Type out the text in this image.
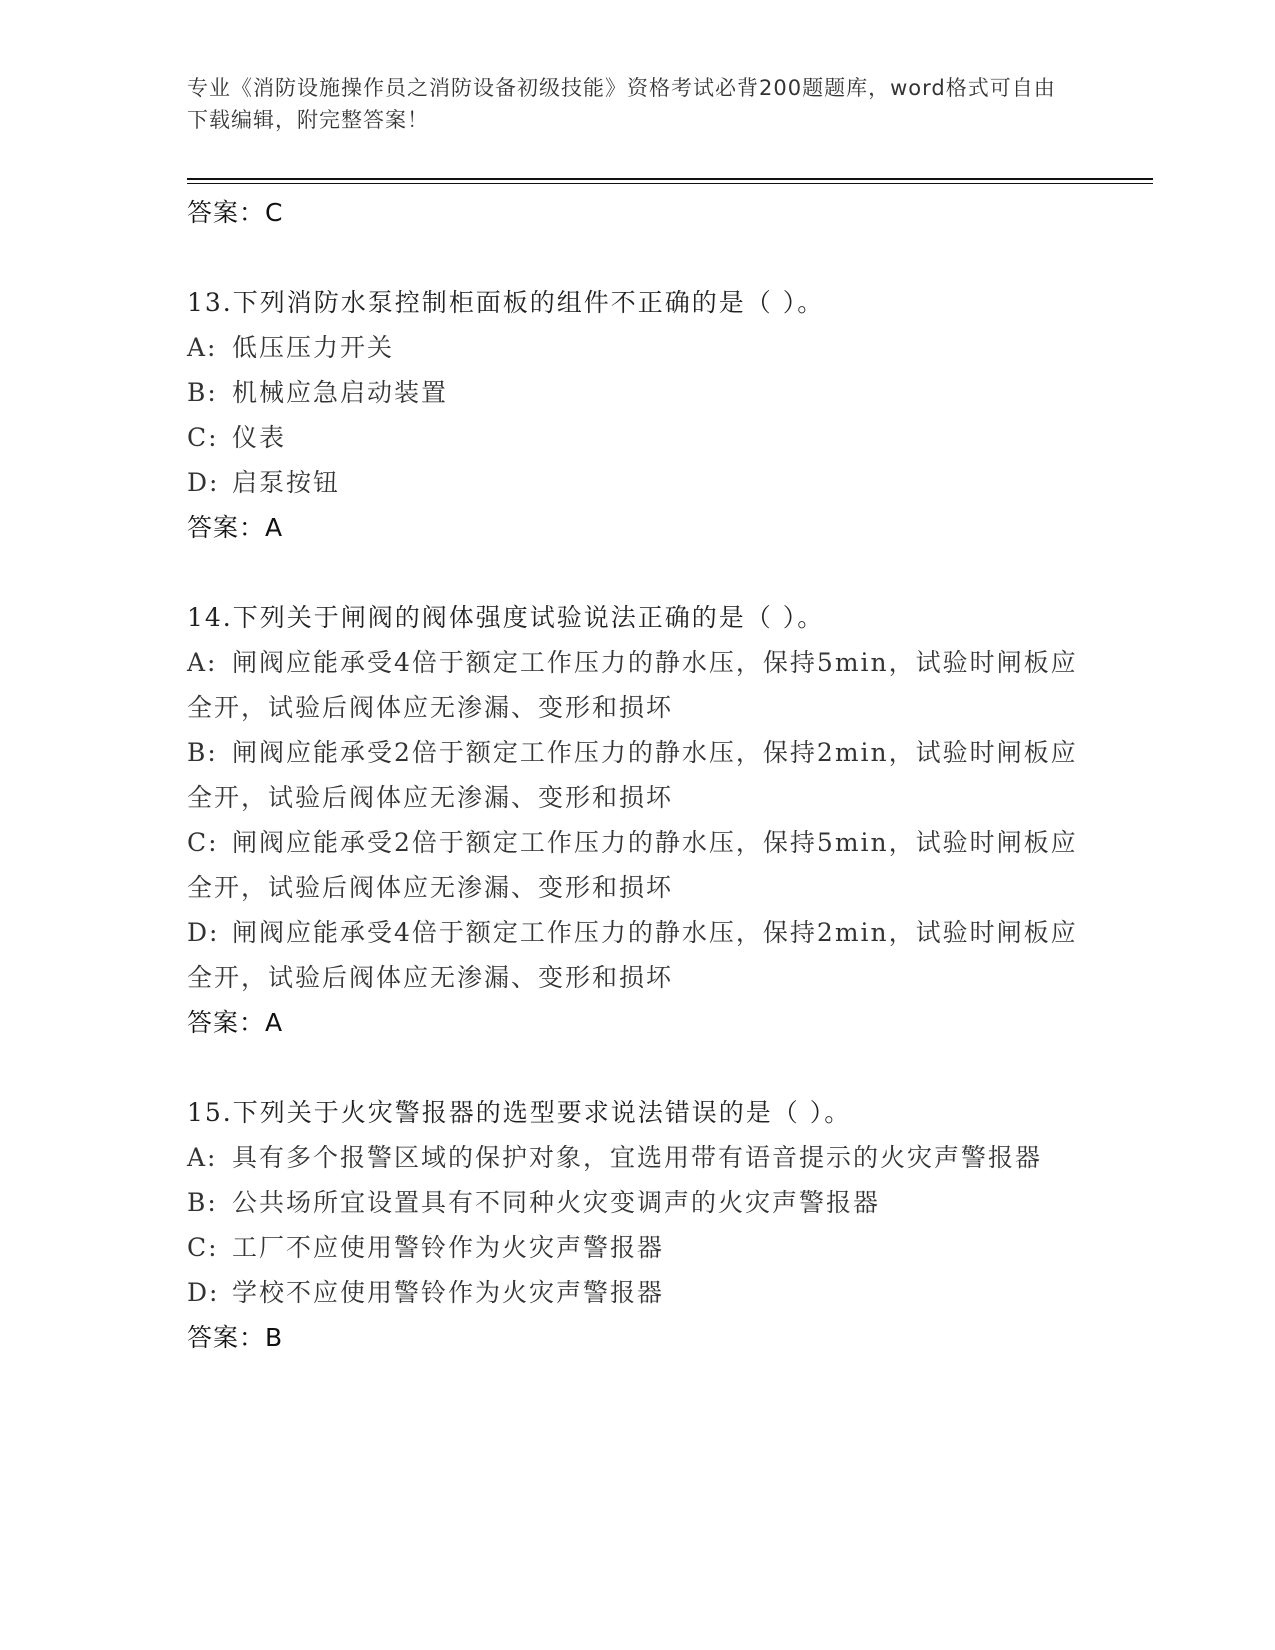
专业《消防设施操作员之消防设备初级技能》资格考试必背200题题库，word格式可自由下载编辑，附完整答案！
答案：C
13.下列消防水泵控制柜面板的组件不正确的是（ ）。
A: 低压压力开关
B: 机械应急启动装置
C: 仪表
D: 启泵按钮
答案：A
14.下列关于闸阀的阀体强度试验说法正确的是（ ）。
A: 闸阀应能承受4倍于额定工作压力的静水压，保持5min，试验时闸板应全开，试验后阀体应无渗漏、变形和损坏
B: 闸阀应能承受2倍于额定工作压力的静水压，保持2min，试验时闸板应全开，试验后阀体应无渗漏、变形和损坏
C: 闸阀应能承受2倍于额定工作压力的静水压，保持5min，试验时闸板应全开，试验后阀体应无渗漏、变形和损坏
D: 闸阀应能承受4倍于额定工作压力的静水压，保持2min，试验时闸板应全开，试验后阀体应无渗漏、变形和损坏
答案：A
15.下列关于火灾警报器的选型要求说法错误的是（ ）。
A: 具有多个报警区域的保护对象，宜选用带有语音提示的火灾声警报器
B: 公共场所宜设置具有不同种火灾变调声的火灾声警报器
C: 工厂不应使用警铃作为火灾声警报器
D: 学校不应使用警铃作为火灾声警报器
答案：B
